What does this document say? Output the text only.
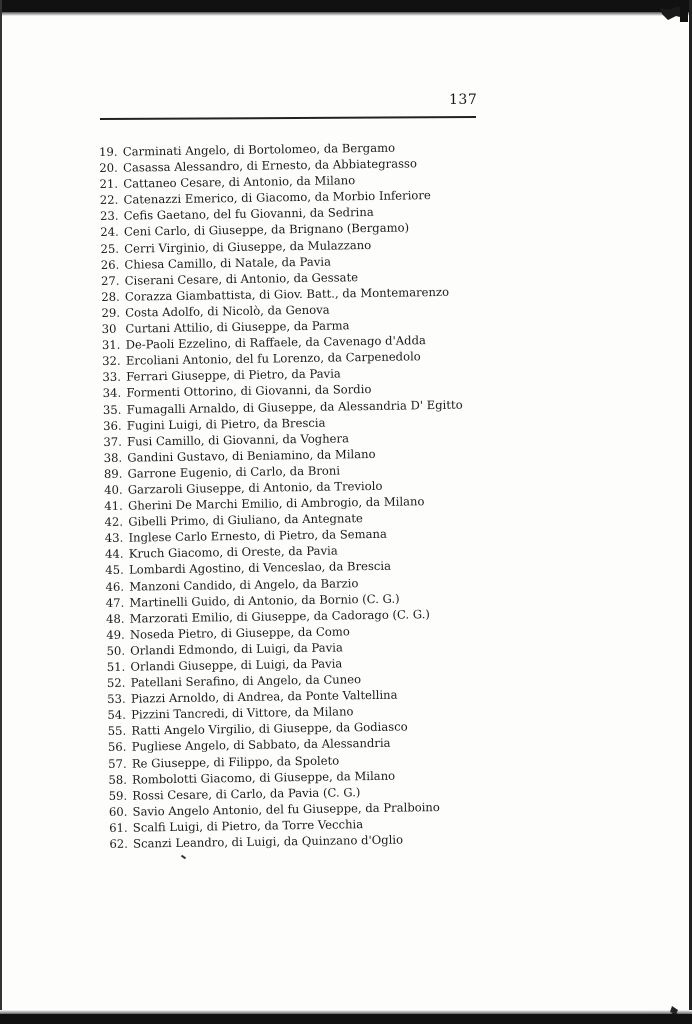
137
19. Carminati Angelo, di Bortolomeo, da Bergamo
20. Casassa Alessandro, di Ernesto, da Abbiategrasso
21. Cattaneo Cesare, di Antonio, da Milano
22. Catenazzi Emerico, di Giacomo, da Morbio Inferiore
23. Cefis Gaetano, del fu Giovanni, da Sedrina
24. Ceni Carlo, di Giuseppe, da Brignano (Bergamo)
25. Cerri Virginio, di Giuseppe, da Mulazzano
26. Chiesa Camillo, di Natale, da Pavia
27. Ciserani Cesare, di Antonio, da Gessate
28. Corazza Giambattista, di Giov. Batt., da Montemarenzo
29. Costa Adolfo, di Nicolò, da Genova
30 Curtani Attilio, di Giuseppe, da Parma
31. De-Paoli Ezzelino, di Raffaele, da Cavenago d'Adda
32. Ercoliani Antonio, del fu Lorenzo, da Carpenedolo
33. Ferrari Giuseppe, di Pietro, da Pavia
34. Formenti Ottorino, di Giovanni, da Sordio
35. Fumagalli Arnaldo, di Giuseppe, da Alessandria D' Egitto
36. Fugini Luigi, di Pietro, da Brescia
37. Fusi Camillo, di Giovanni, da Voghera
38. Gandini Gustavo, di Beniamino, da Milano
89. Garrone Eugenio, di Carlo, da Broni
40. Garzaroli Giuseppe, di Antonio, da Treviolo
41. Gherini De Marchi Emilio, di Ambrogio, da Milano
42. Gibelli Primo, di Giuliano, da Antegnate
43. Inglese Carlo Ernesto, di Pietro, da Semana
44. Kruch Giacomo, di Oreste, da Pavia
45. Lombardi Agostino, di Venceslao, da Brescia
46. Manzoni Candido, di Angelo, da Barzio
47. Martinelli Guido, di Antonio, da Bornio (C. G.)
48. Marzorati Emilio, di Giuseppe, da Cadorago (C. G.)
49. Noseda Pietro, di Giuseppe, da Como
50. Orlandi Edmondo, di Luigi, da Pavia
51. Orlandi Giuseppe, di Luigi, da Pavia
52. Patellani Serafino, di Angelo, da Cuneo
53. Piazzi Arnoldo, di Andrea, da Ponte Valtellina
54. Pizzini Tancredi, di Vittore, da Milano
55. Ratti Angelo Virgilio, di Giuseppe, da Godiasco
56. Pugliese Angelo, di Sabbato, da Alessandria
57. Re Giuseppe, di Filippo, da Spoleto
58. Rombolotti Giacomo, di Giuseppe, da Milano
59. Rossi Cesare, di Carlo, da Pavia (C. G.)
60. Savio Angelo Antonio, del fu Giuseppe, da Pralboino
61. Scalfi Luigi, di Pietro, da Torre Vecchia
62. Scanzi Leandro, di Luigi, da Quinzano d'Oglio
